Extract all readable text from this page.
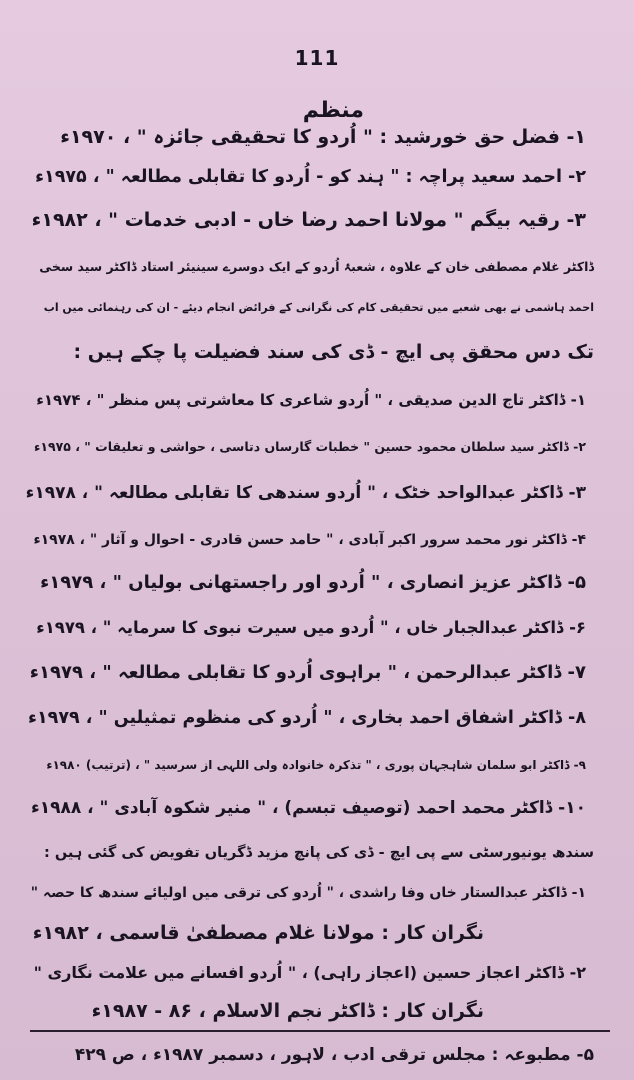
111
منظم
۱- فضل حق خورشید : " اُردو کا تحقیقی جائزہ " ، ۱۹۷۰ء
۲- احمد سعید پراچہ : " ہند کو - اُردو کا تقابلی مطالعہ " ، ۱۹۷۵ء
۳- رقیہ بیگم " مولانا احمد رضا خاں - ادبی خدمات " ، ۱۹۸۲ء
ڈاکٹر غلام مصطفی خان کے علاوہ ، شعبۂ اُردو کے ایک دوسرے سینیئر استاد ڈاکٹر سید سخی
احمد ہاشمی نے بھی شعبے میں تحقیقی کام کی نگرانی کے فرائض انجام دیئے - ان کی رہنمائی میں اب
تک دس محقق پی ایچ - ڈی کی سند فضیلت پا چکے ہیں :
۱- ڈاکٹر تاج الدین صدیقی ، " اُردو شاعری کا معاشرتی پس منظر " ، ۱۹۷۴ء
۲- ڈاکٹر سید سلطان محمود حسین " خطبات گارساں دتاسی ، حواشی و تعلیقات " ، ۱۹۷۵ء
۳- ڈاکٹر عبدالواحد خٹک ، " اُردو سندھی کا تقابلی مطالعہ " ، ۱۹۷۸ء
۴- ڈاکٹر نور محمد سرور اکبر آبادی ، " حامد حسن قادری - احوال و آثار " ، ۱۹۷۸ء
۵- ڈاکٹر عزیز انصاری ، " اُردو اور راجستھانی بولیاں " ، ۱۹۷۹ء
۶- ڈاکٹر عبدالجبار خاں ، " اُردو میں سیرت نبوی کا سرمایہ " ، ۱۹۷۹ء
۷- ڈاکٹر عبدالرحمن ، " براہوی اُردو کا تقابلی مطالعہ " ، ۱۹۷۹ء
۸- ڈاکٹر اشفاق احمد بخاری ، " اُردو کی منظوم تمثیلیں " ، ۱۹۷۹ء
۹- ڈاکٹر ابو سلمان شاہجہان پوری ، " تذکرہ خانوادہ ولی اللہی از سرسید " ، (ترتیب) ۱۹۸۰ء
۱۰- ڈاکٹر محمد احمد (توصیف تبسم) ، " منیر شکوہ آبادی " ، ۱۹۸۸ء
سندھ یونیورسٹی سے پی ایچ - ڈی کی پانچ مزید ڈگریاں تفویض کی گئی ہیں :
۱- ڈاکٹر عبدالستار خاں وفا راشدی ، " اُردو کی ترقی میں اولیائے سندھ کا حصہ "
نگران کار : مولانا غلام مصطفیٰ قاسمی ، ۱۹۸۲ء
۲- ڈاکٹر اعجاز حسین (اعجاز راہی) ، " اُردو افسانے میں علامت نگاری "
نگران کار : ڈاکٹر نجم الاسلام ، ۸۶ - ۱۹۸۷ء
۵- مطبوعہ : مجلس ترقی ادب ، لاہور ، دسمبر ۱۹۸۷ء ، ص ۴۲۹
